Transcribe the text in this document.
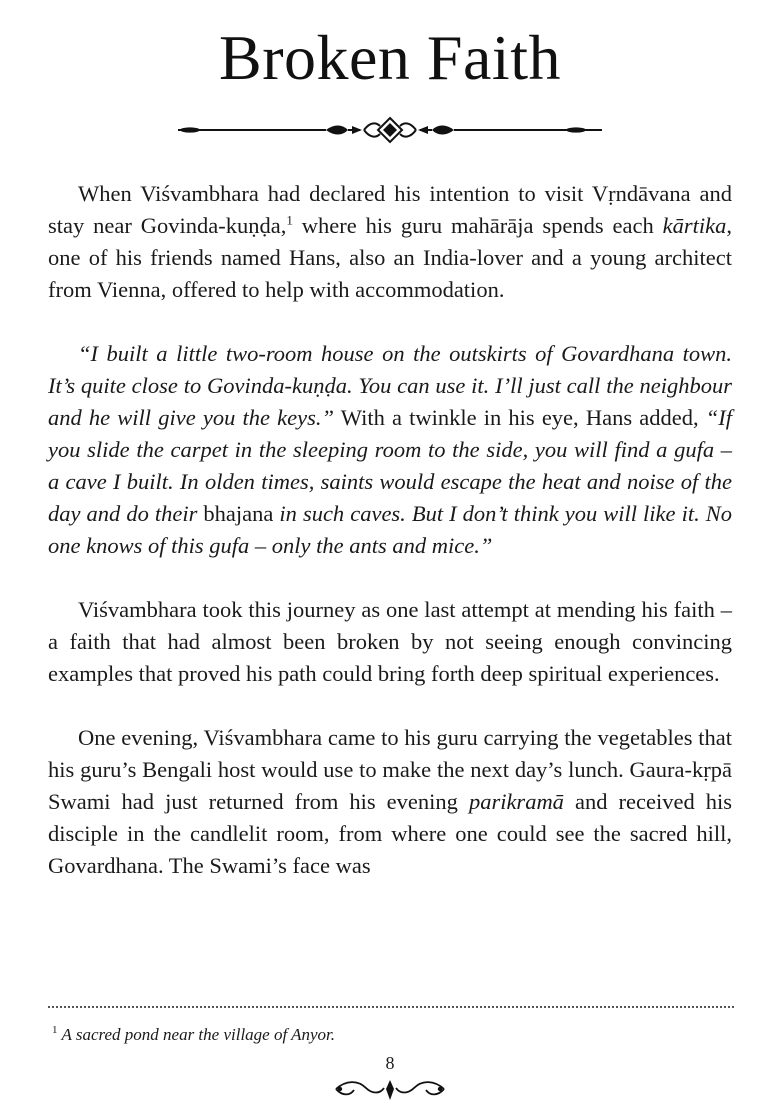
Broken Faith

When Viśvambhara had declared his intention to visit Vṛndāvana and stay near Govinda-kuṇḍa,$^1$ where his guru mahārāja spends each kārtika, one of his friends named Hans, also an India-lover and a young architect from Vienna, offered to help with accommodation.

“I built a little two-room house on the outskirts of Govardhana town. It’s quite close to Govinda-kuṇḍa. You can use it. I’ll just call the neighbour and he will give you the keys.” With a twinkle in his eye, Hans added, “If you slide the carpet in the sleeping room to the side, you will find a gufa – a cave I built. In olden times, saints would escape the heat and noise of the day and do their bhajana in such caves. But I don’t think you will like it. No one knows of this gufa – only the ants and mice.”

Viśvambhara took this journey as one last attempt at mending his faith – a faith that had almost been broken by not seeing enough convincing examples that proved his path could bring forth deep spiritual experiences.

One evening, Viśvambhara came to his guru carrying the vegetables that his guru’s Bengali host would use to make the next day’s lunch. Gaura-kṛpā Swami had just returned from his evening parikramā and received his disciple in the candlelit room, from where one could see the sacred hill, Govardhana. The Swami’s face was

$^1$ A sacred pond near the village of Anyor.
8
